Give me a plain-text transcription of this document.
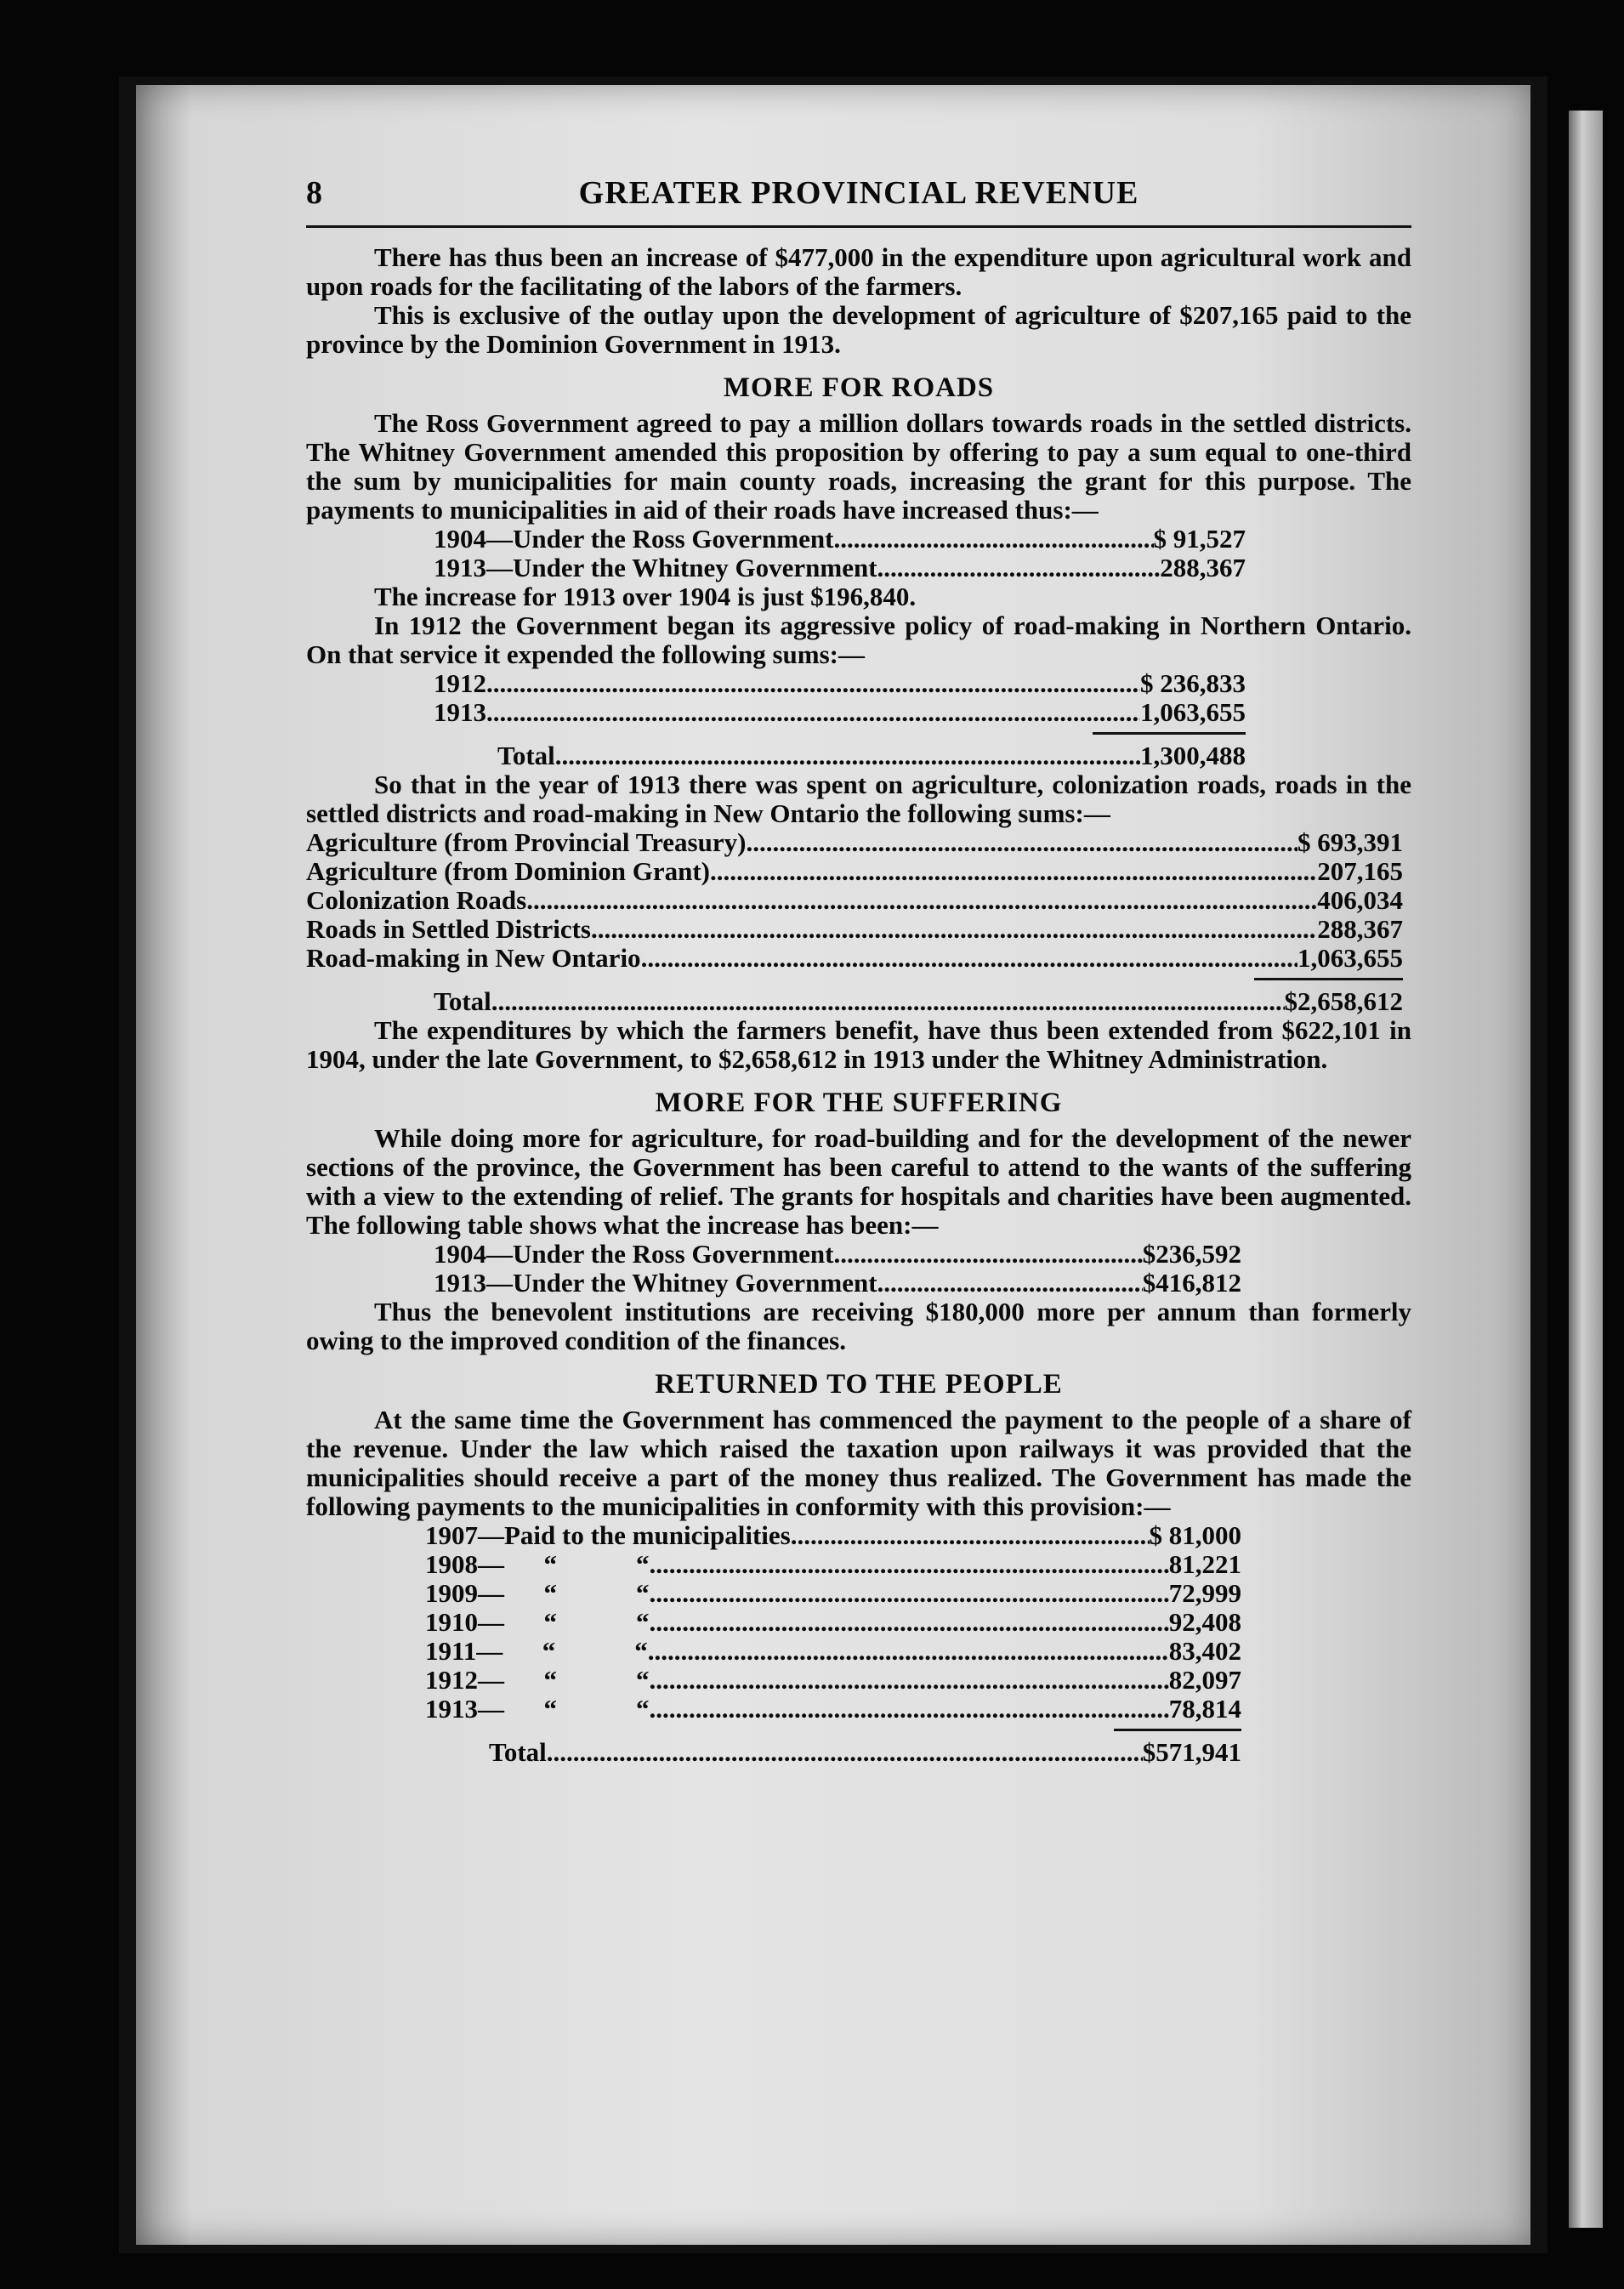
8	GREATER PROVINCIAL REVENUE

There has thus been an increase of $477,000 in the expenditure upon agricultural work and upon roads for the facilitating of the labors of the farmers.

This is exclusive of the outlay upon the development of agriculture of $207,165 paid to the province by the Dominion Government in 1913.

MORE FOR ROADS

The Ross Government agreed to pay a million dollars towards roads in the settled districts. The Whitney Government amended this proposition by offering to pay a sum equal to one-third the sum by municipalities for main county roads, increasing the grant for this purpose. The payments to municipalities in aid of their roads have increased thus:—

1904—Under the Ross Government .....	$ 91,527
1913—Under the Whitney Government .....	288,367

The increase for 1913 over 1904 is just $196,840.

In 1912 the Government began its aggressive policy of road-making in Northern Ontario. On that service it expended the following sums:—

1912 .....	$ 236,833
1913 .....	1,063,655
Total .....	1,300,488

So that in the year of 1913 there was spent on agriculture, colonization roads, roads in the settled districts and road-making in New Ontario the following sums:—

Agriculture (from Provincial Treasury) .....	$ 693,391
Agriculture (from Dominion Grant) .....	207,165
Colonization Roads .....	406,034
Roads in Settled Districts .....	288,367
Road-making in New Ontario .....	1,063,655
Total .....	$2,658,612

The expenditures by which the farmers benefit, have thus been extended from $622,101 in 1904, under the late Government, to $2,658,612 in 1913 under the Whitney Administration.

MORE FOR THE SUFFERING

While doing more for agriculture, for road-building and for the development of the newer sections of the province, the Government has been careful to attend to the wants of the suffering with a view to the extending of relief. The grants for hospitals and charities have been augmented. The following table shows what the increase has been:—

1904—Under the Ross Government .....	$236,592
1913—Under the Whitney Government .....	$416,812

Thus the benevolent institutions are receiving $180,000 more per annum than formerly owing to the improved condition of the finances.

RETURNED TO THE PEOPLE

At the same time the Government has commenced the payment to the people of a share of the revenue. Under the law which raised the taxation upon railways it was provided that the municipalities should receive a part of the money thus realized. The Government has made the following payments to the municipalities in conformity with this provision:—

1907—Paid to the municipalities .....	$ 81,000
1908—      “            “ .....	81,221
1909—      “            “ .....	72,999
1910—      “            “ .....	92,408
1911—      “            “ .....	83,402
1912—      “            “ .....	82,097
1913—      “            “ .....	78,814
Total .....	$571,941
